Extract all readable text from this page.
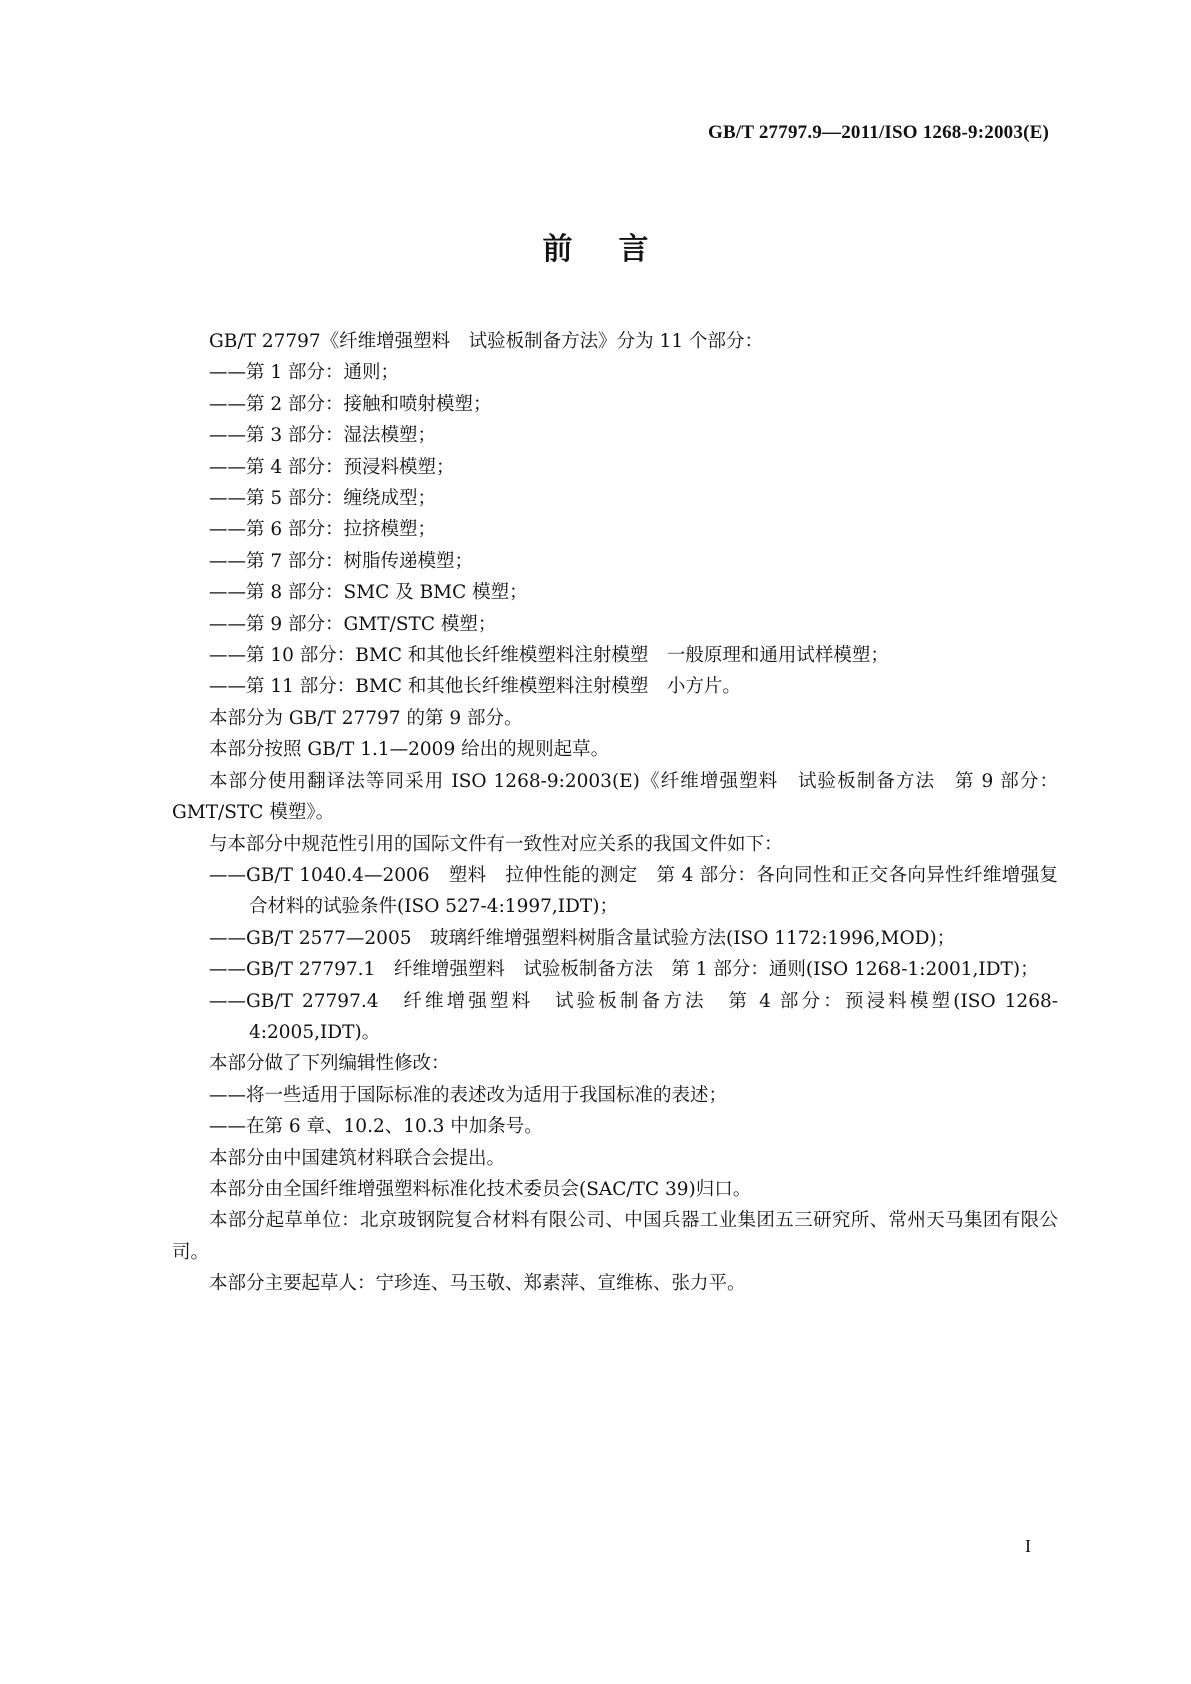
GB/T 27797.9—2011/ISO 1268-9:2003(E)
前言

GB/T 27797《纤维增强塑料　试验板制备方法》分为 11 个部分：

——第 1 部分：通则；

——第 2 部分：接触和喷射模塑；

——第 3 部分：湿法模塑；

——第 4 部分：预浸料模塑；

——第 5 部分：缠绕成型；

——第 6 部分：拉挤模塑；

——第 7 部分：树脂传递模塑；

——第 8 部分：SMC 及 BMC 模塑；

——第 9 部分：GMT/STC 模塑；

——第 10 部分：BMC 和其他长纤维模塑料注射模塑　一般原理和通用试样模塑；

——第 11 部分：BMC 和其他长纤维模塑料注射模塑　小方片。

本部分为 GB/T 27797 的第 9 部分。

本部分按照 GB/T 1.1—2009 给出的规则起草。

本部分使用翻译法等同采用 ISO 1268-9:2003(E)《纤维增强塑料　试验板制备方法　第 9 部分：GMT/STC 模塑》。

与本部分中规范性引用的国际文件有一致性对应关系的我国文件如下：

——GB/T 1040.4—2006　塑料　拉伸性能的测定　第 4 部分：各向同性和正交各向异性纤维增强复合材料的试验条件(ISO 527-4:1997,IDT)；

——GB/T 2577—2005　玻璃纤维增强塑料树脂含量试验方法(ISO 1172:1996,MOD)；

——GB/T 27797.1　纤维增强塑料　试验板制备方法　第 1 部分：通则(ISO 1268-1:2001,IDT)；

——GB/T 27797.4　纤维增强塑料　试验板制备方法　第 4 部分：预浸料模塑(ISO 1268-4:2005,IDT)。

本部分做了下列编辑性修改：

——将一些适用于国际标准的表述改为适用于我国标准的表述；

——在第 6 章、10.2、10.3 中加条号。

本部分由中国建筑材料联合会提出。

本部分由全国纤维增强塑料标准化技术委员会(SAC/TC 39)归口。

本部分起草单位：北京玻钢院复合材料有限公司、中国兵器工业集团五三研究所、常州天马集团有限公司。

本部分主要起草人：宁珍连、马玉敬、郑素萍、宣维栋、张力平。

I
